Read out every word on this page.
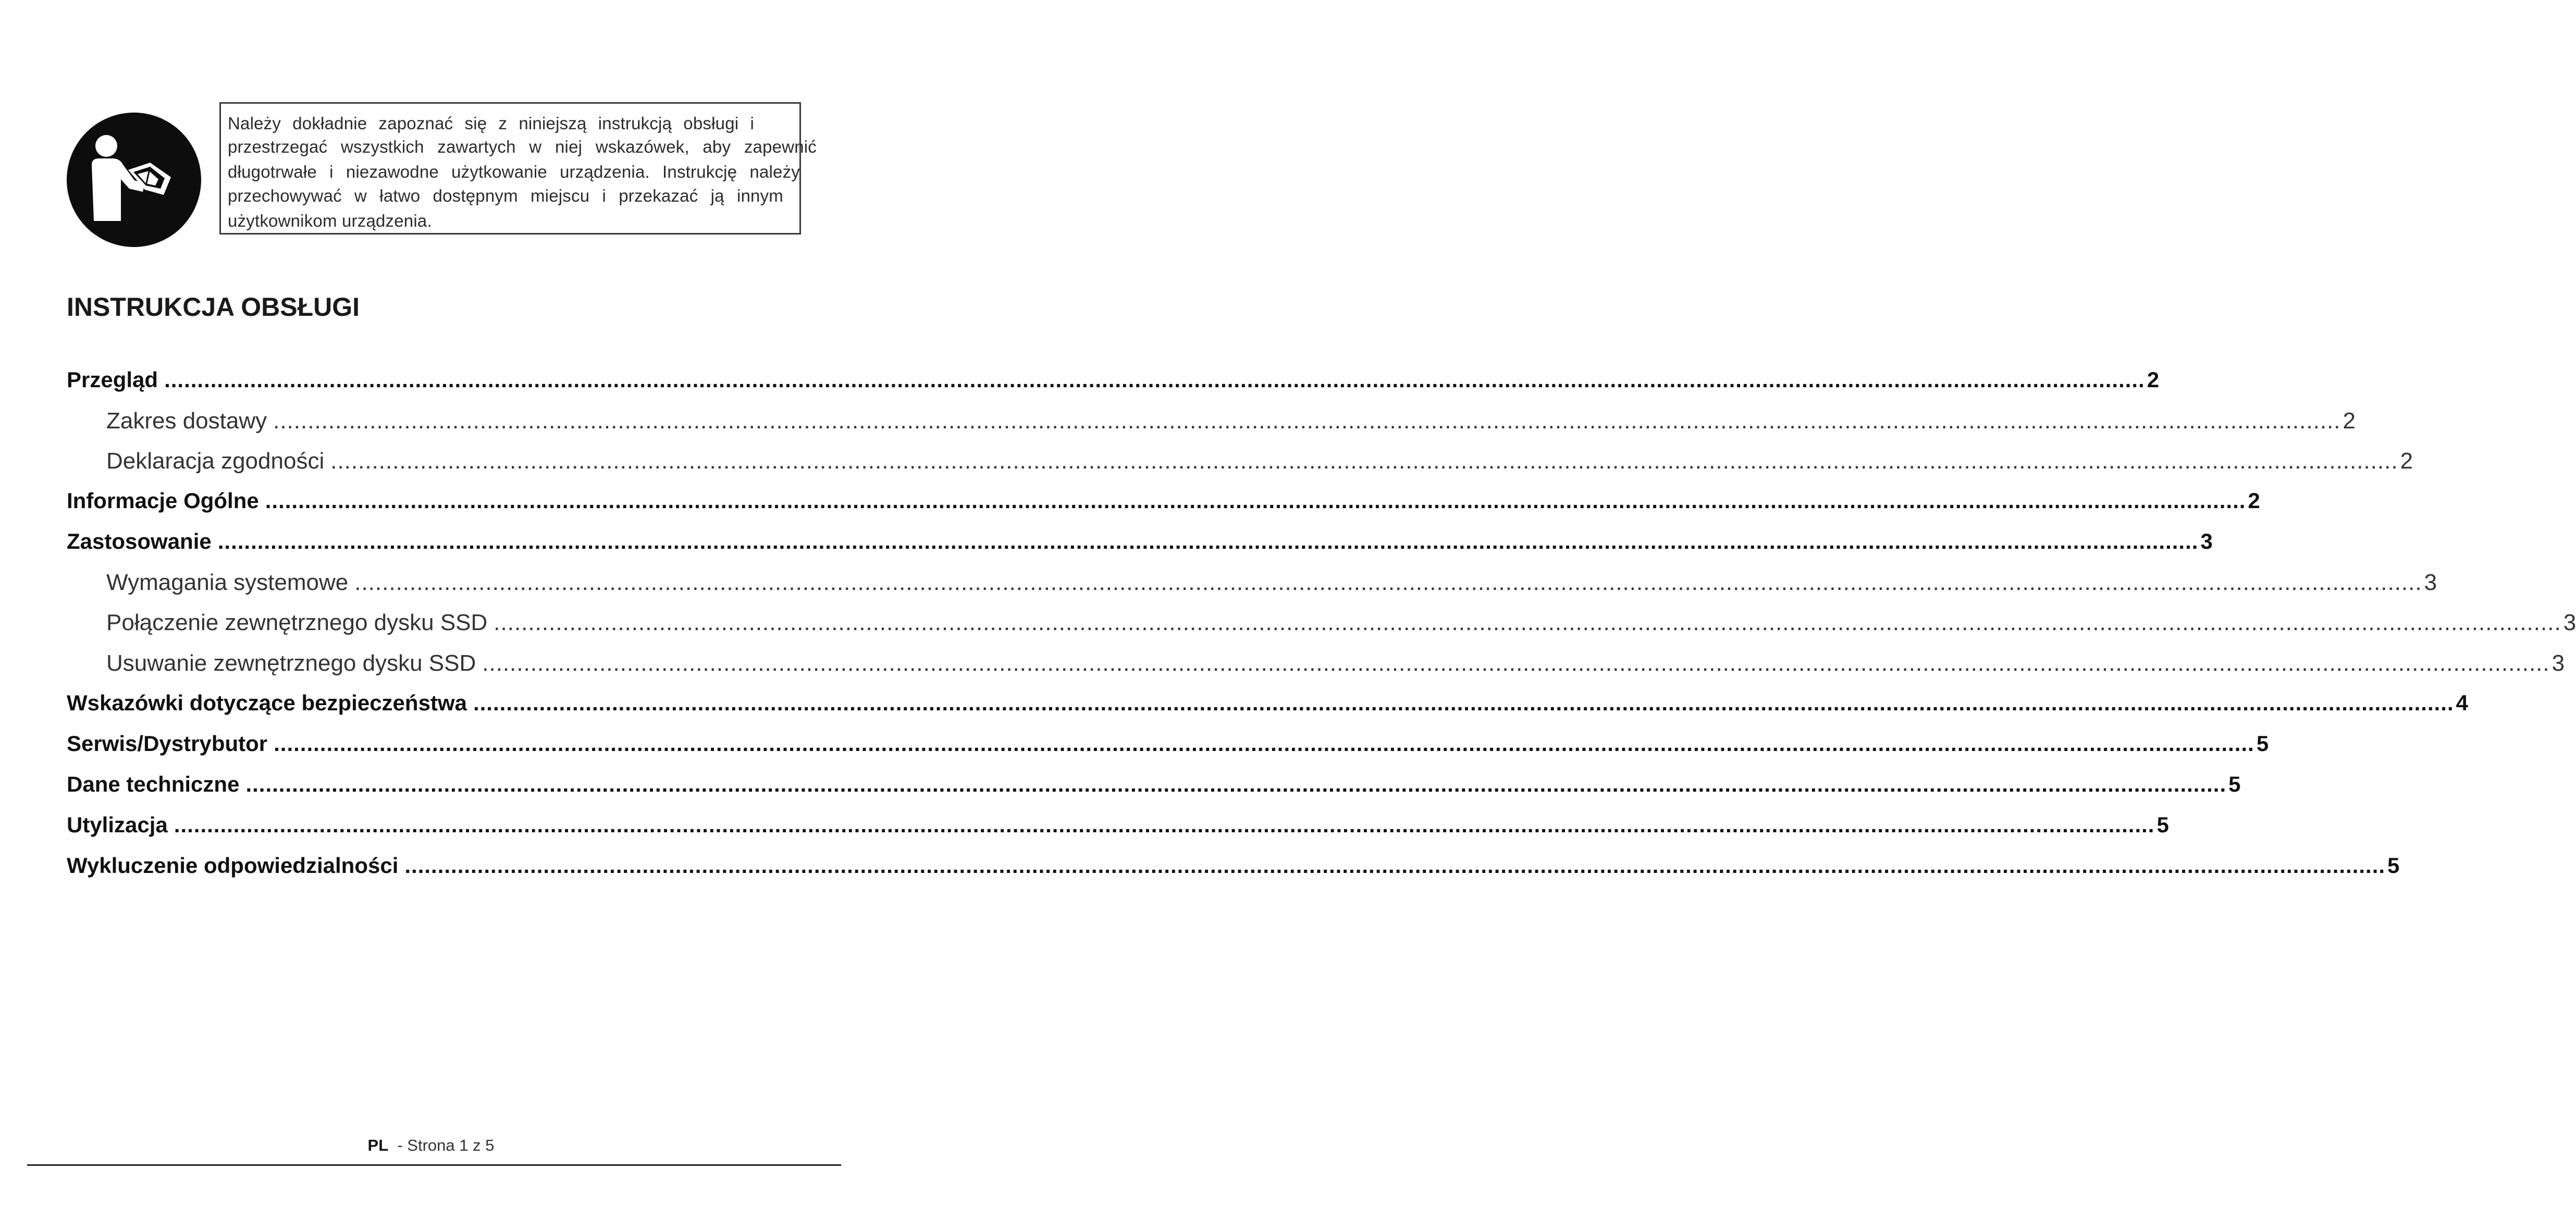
Należy dokładnie zapoznać się z niniejszą instrukcją obsługi i
przestrzegać wszystkich zawartych w niej wskazówek, aby zapewnić
długotrwałe i niezawodne użytkowanie urządzenia. Instrukcję należy
przechowywać w łatwo dostępnym miejscu i przekazać ją innym
użytkownikom urządzenia.
INSTRUKCJA OBSŁUGI
Przegląd ............................................................................................................................................................................................................................................................................................................ 2
Zakres dostawy ............................................................................................................................................................................................................................................................................................................ 2
Deklaracja zgodności ............................................................................................................................................................................................................................................................................................................ 2
Informacje Ogólne ............................................................................................................................................................................................................................................................................................................ 2
Zastosowanie ............................................................................................................................................................................................................................................................................................................ 3
Wymagania systemowe ............................................................................................................................................................................................................................................................................................................ 3
Połączenie zewnętrznego dysku SSD ............................................................................................................................................................................................................................................................................................................ 3
Usuwanie zewnętrznego dysku SSD ............................................................................................................................................................................................................................................................................................................ 3
Wskazówki dotyczące bezpieczeństwa ............................................................................................................................................................................................................................................................................................................ 4
Serwis/Dystrybutor ............................................................................................................................................................................................................................................................................................................ 5
Dane techniczne ............................................................................................................................................................................................................................................................................................................ 5
Utylizacja ............................................................................................................................................................................................................................................................................................................ 5
Wykluczenie odpowiedzialności ............................................................................................................................................................................................................................................................................................................ 5
PL - Strona 1 z 5
